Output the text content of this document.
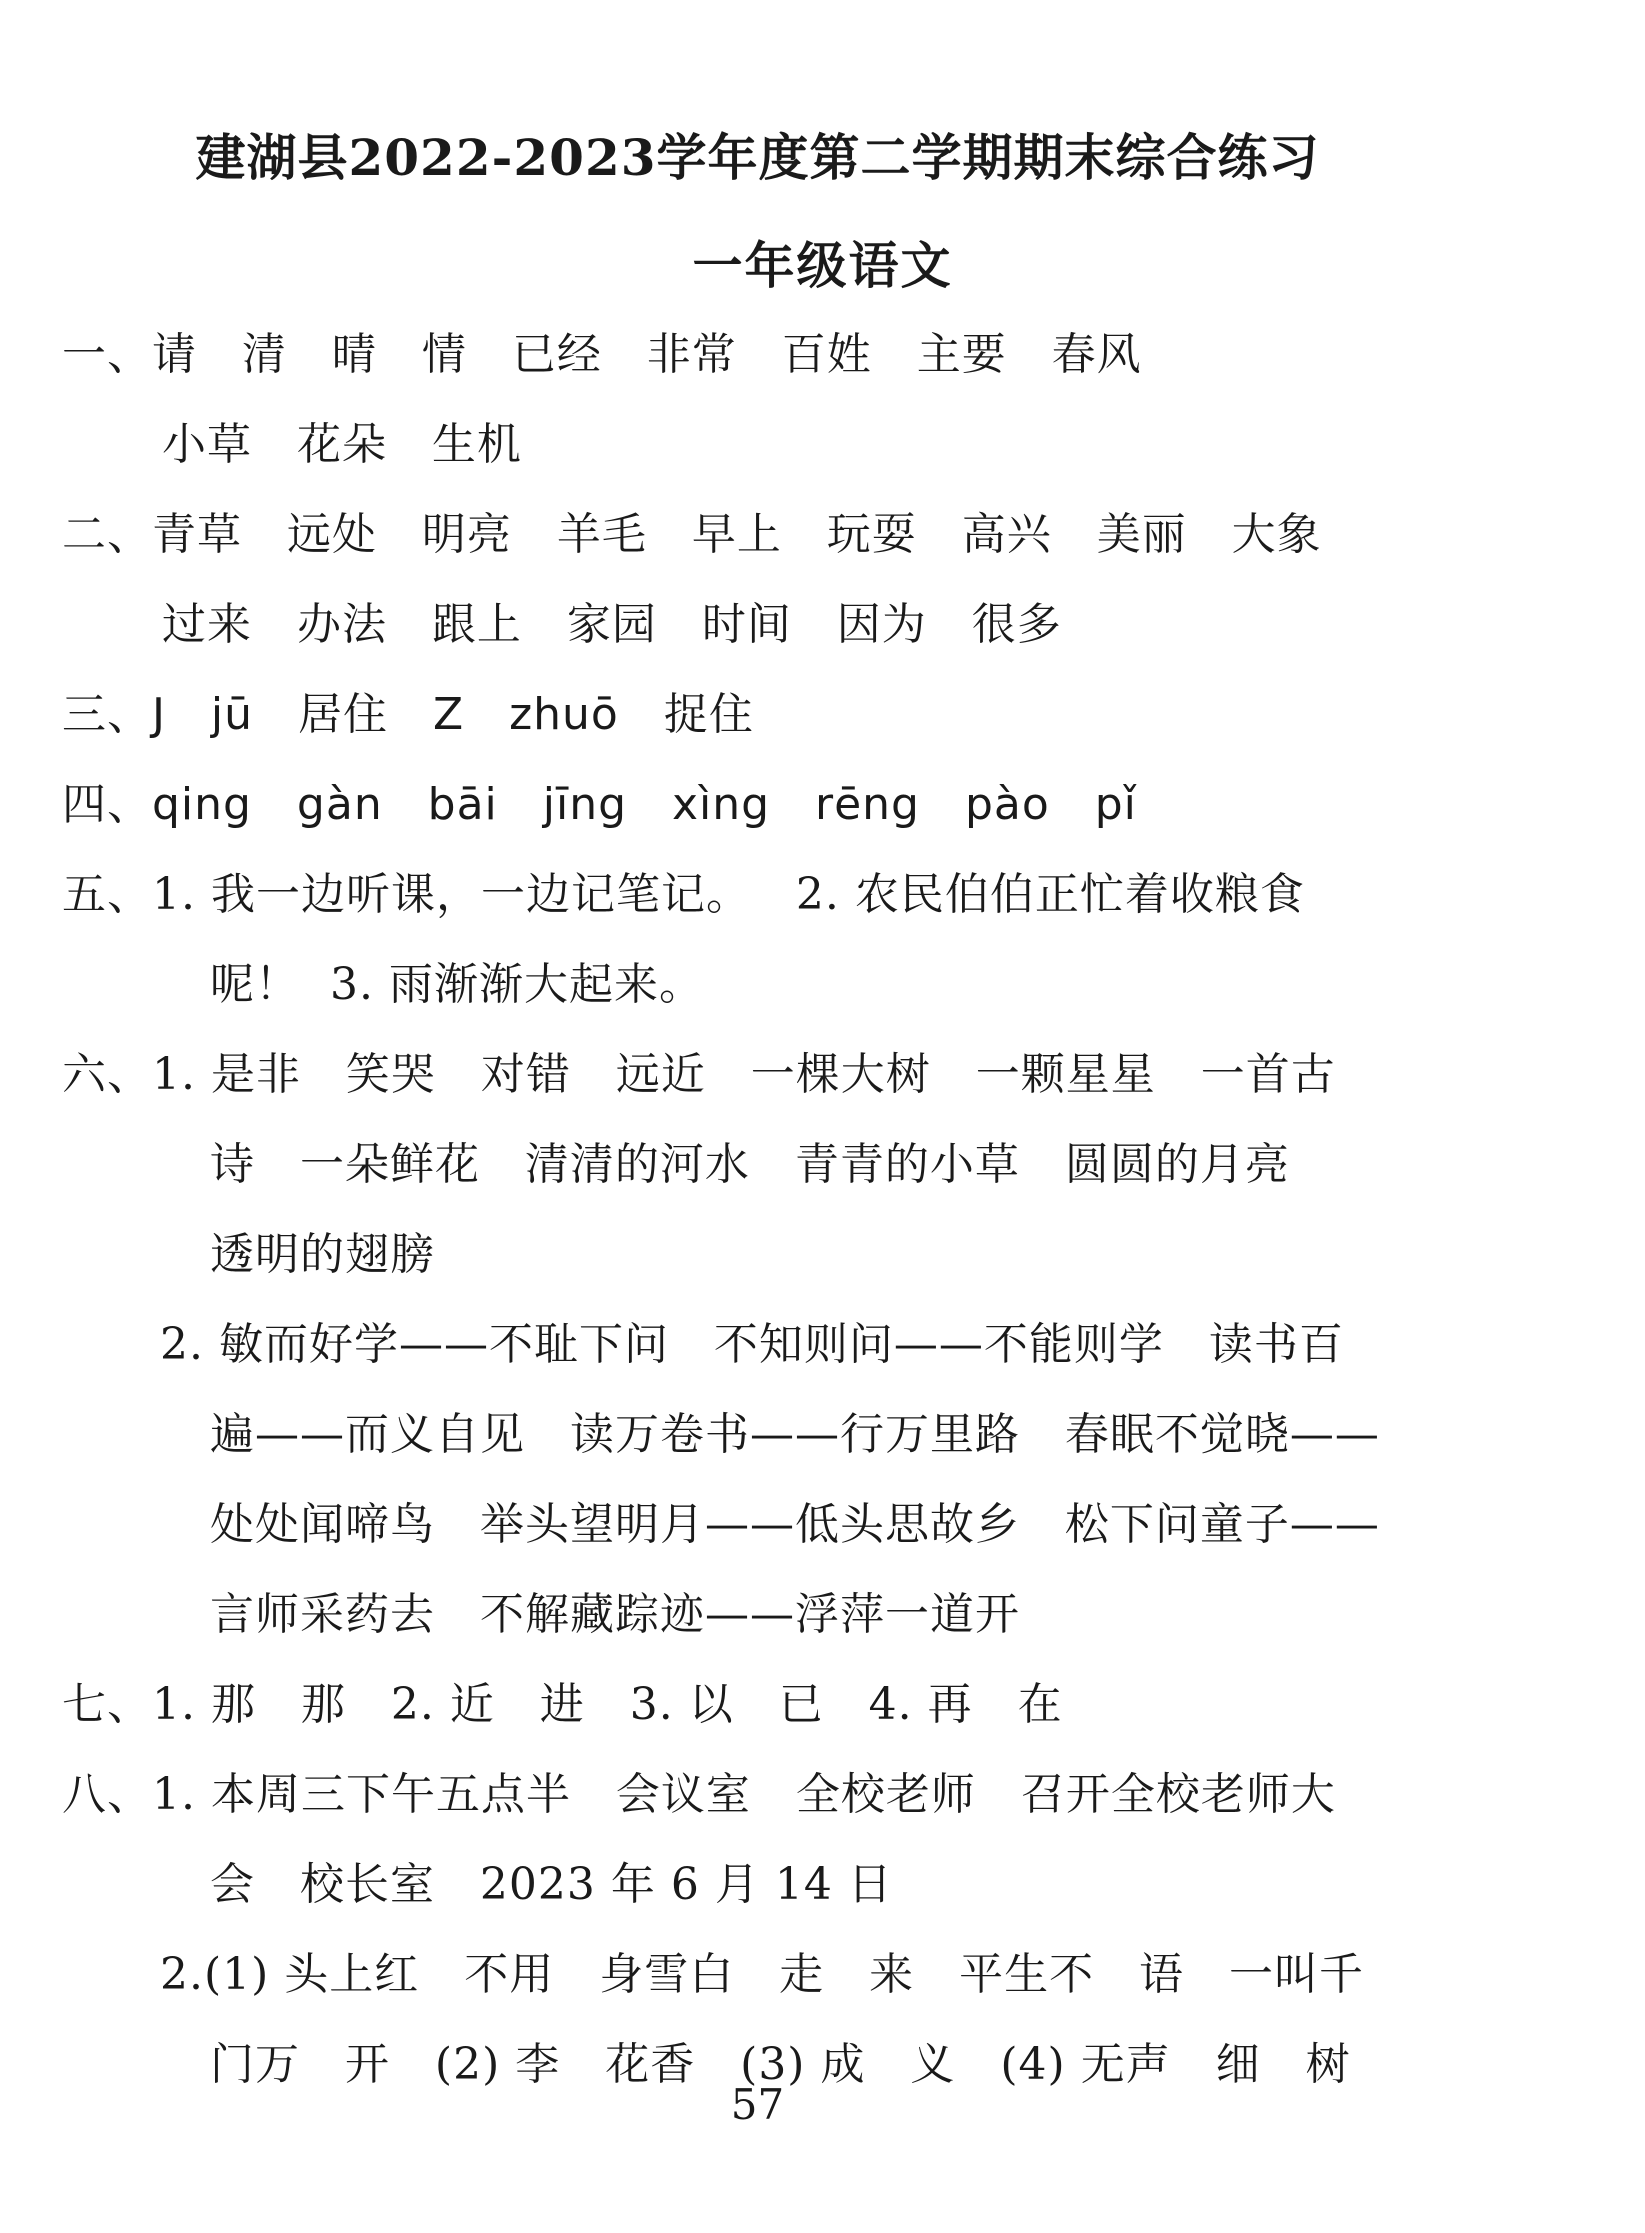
建湖县2022-2023学年度第二学期期末综合练习
一年级语文
一、请   清   晴   情   已经   非常   百姓   主要   春风
小草   花朵   生机
二、青草   远处   明亮   羊毛   早上   玩耍   高兴   美丽   大象
过来   办法   跟上   家园   时间   因为   很多
三、J   jū   居住   Z   zhuō   捉住
四、qing   gàn   bāi   jīng   xìng   rēng   pào   pǐ
五、1. 我一边听课，一边记笔记。   2. 农民伯伯正忙着收粮食
呢！  3. 雨渐渐大起来。
六、1. 是非   笑哭   对错   远近   一棵大树   一颗星星   一首古
诗   一朵鲜花   清清的河水   青青的小草   圆圆的月亮
透明的翅膀
2. 敏而好学——不耻下问   不知则问——不能则学   读书百
遍——而义自见   读万卷书——行万里路   春眠不觉晓——
处处闻啼鸟   举头望明月——低头思故乡   松下问童子——
言师采药去   不解藏踪迹——浮萍一道开
七、1. 那   那   2. 近   进   3. 以   已   4. 再   在
八、1. 本周三下午五点半   会议室   全校老师   召开全校老师大
会   校长室   2023 年 6 月 14 日
2.(1) 头上红   不用   身雪白   走   来   平生不   语   一叫千
门万   开   (2) 李   花香   (3) 成   义   (4) 无声   细   树
57
